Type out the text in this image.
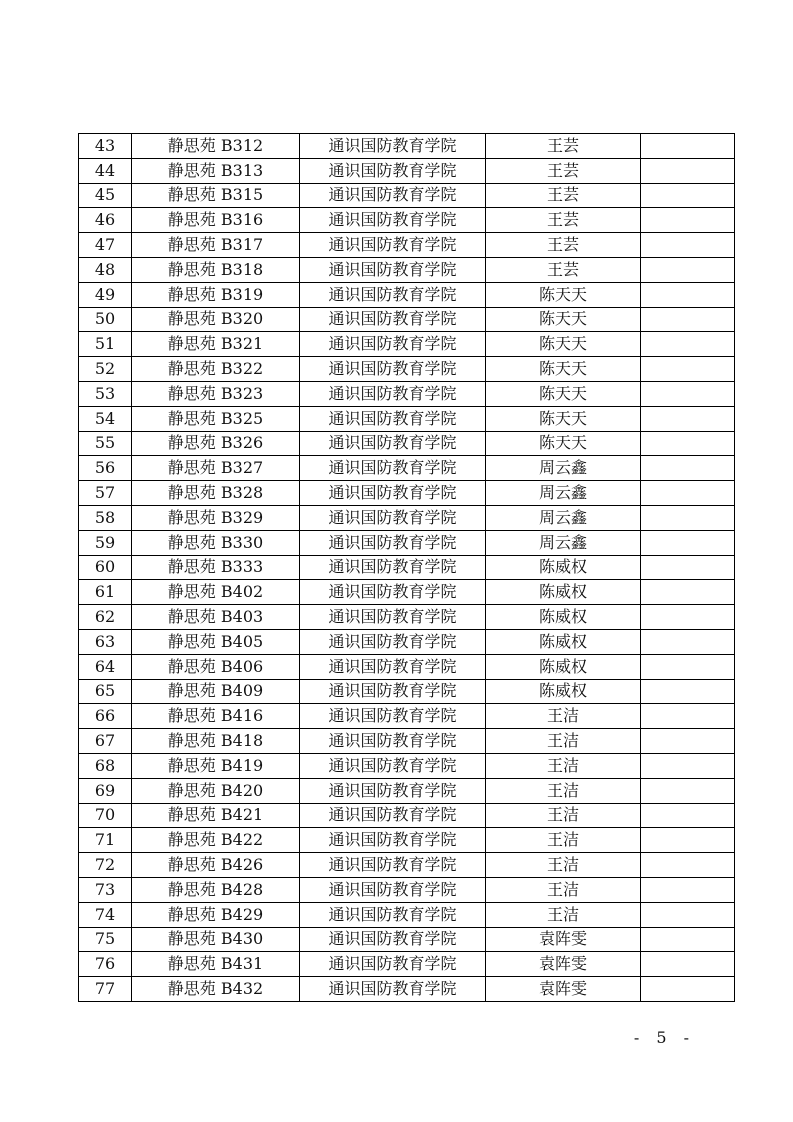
43	静思苑 B312	通识国防教育学院	王芸	
44	静思苑 B313	通识国防教育学院	王芸	
45	静思苑 B315	通识国防教育学院	王芸	
46	静思苑 B316	通识国防教育学院	王芸	
47	静思苑 B317	通识国防教育学院	王芸	
48	静思苑 B318	通识国防教育学院	王芸	
49	静思苑 B319	通识国防教育学院	陈天天	
50	静思苑 B320	通识国防教育学院	陈天天	
51	静思苑 B321	通识国防教育学院	陈天天	
52	静思苑 B322	通识国防教育学院	陈天天	
53	静思苑 B323	通识国防教育学院	陈天天	
54	静思苑 B325	通识国防教育学院	陈天天	
55	静思苑 B326	通识国防教育学院	陈天天	
56	静思苑 B327	通识国防教育学院	周云鑫	
57	静思苑 B328	通识国防教育学院	周云鑫	
58	静思苑 B329	通识国防教育学院	周云鑫	
59	静思苑 B330	通识国防教育学院	周云鑫	
60	静思苑 B333	通识国防教育学院	陈威权	
61	静思苑 B402	通识国防教育学院	陈威权	
62	静思苑 B403	通识国防教育学院	陈威权	
63	静思苑 B405	通识国防教育学院	陈威权	
64	静思苑 B406	通识国防教育学院	陈威权	
65	静思苑 B409	通识国防教育学院	陈威权	
66	静思苑 B416	通识国防教育学院	王洁	
67	静思苑 B418	通识国防教育学院	王洁	
68	静思苑 B419	通识国防教育学院	王洁	
69	静思苑 B420	通识国防教育学院	王洁	
70	静思苑 B421	通识国防教育学院	王洁	
71	静思苑 B422	通识国防教育学院	王洁	
72	静思苑 B426	通识国防教育学院	王洁	
73	静思苑 B428	通识国防教育学院	王洁	
74	静思苑 B429	通识国防教育学院	王洁	
75	静思苑 B430	通识国防教育学院	袁阵雯	
76	静思苑 B431	通识国防教育学院	袁阵雯	
77	静思苑 B432	通识国防教育学院	袁阵雯	
- 5 -
